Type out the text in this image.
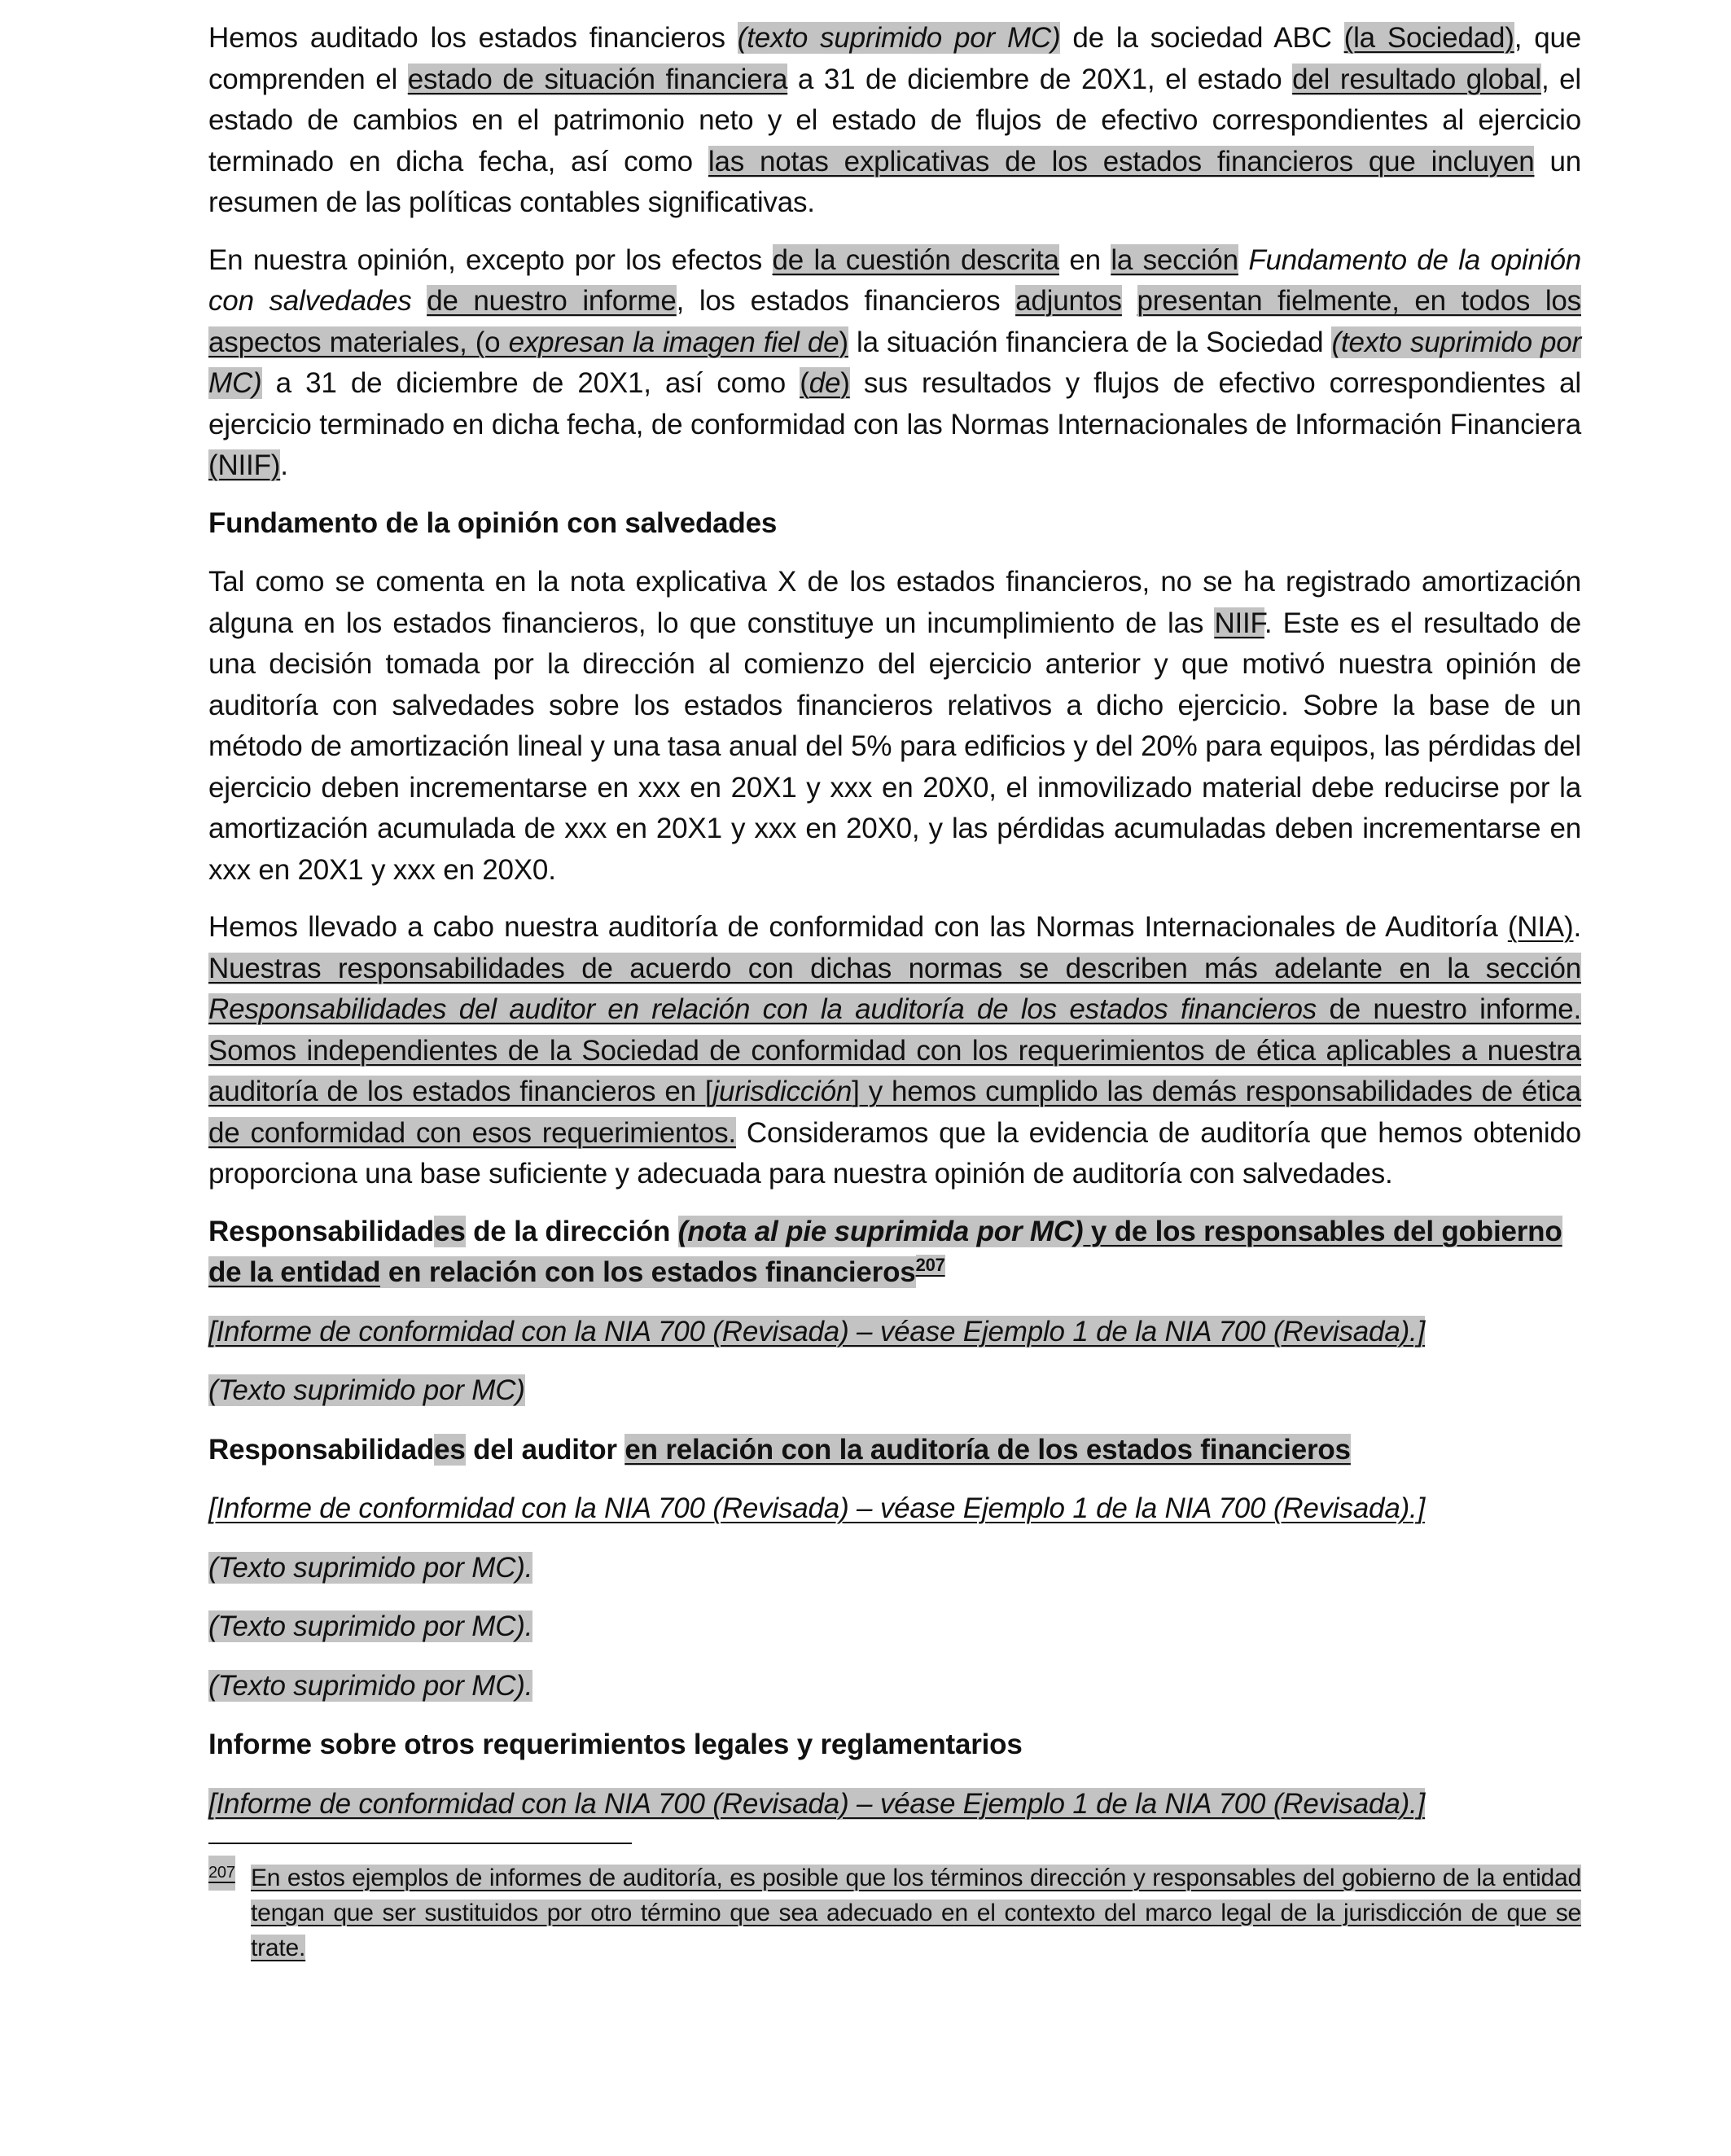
Hemos auditado los estados financieros (texto suprimido por MC) de la sociedad ABC (la Sociedad), que comprenden el estado de situación financiera a 31 de diciembre de 20X1, el estado del resultado global, el estado de cambios en el patrimonio neto y el estado de flujos de efectivo correspondientes al ejercicio terminado en dicha fecha, así como las notas explicativas de los estados financieros que incluyen un resumen de las políticas contables significativas.

En nuestra opinión, excepto por los efectos de la cuestión descrita en la sección Fundamento de la opinión con salvedades de nuestro informe, los estados financieros adjuntos presentan fielmente, en todos los aspectos materiales, (o expresan la imagen fiel de) la situación financiera de la Sociedad (texto suprimido por MC) a 31 de diciembre de 20X1, así como (de) sus resultados y flujos de efectivo correspondientes al ejercicio terminado en dicha fecha, de conformidad con las Normas Internacionales de Información Financiera (NIIF).

Fundamento de la opinión con salvedades

Tal como se comenta en la nota explicativa X de los estados financieros, no se ha registrado amortización alguna en los estados financieros, lo que constituye un incumplimiento de las NIIF. Este es el resultado de una decisión tomada por la dirección al comienzo del ejercicio anterior y que motivó nuestra opinión de auditoría con salvedades sobre los estados financieros relativos a dicho ejercicio. Sobre la base de un método de amortización lineal y una tasa anual del 5% para edificios y del 20% para equipos, las pérdidas del ejercicio deben incrementarse en xxx en 20X1 y xxx en 20X0, el inmovilizado material debe reducirse por la amortización acumulada de xxx en 20X1 y xxx en 20X0, y las pérdidas acumuladas deben incrementarse en xxx en 20X1 y xxx en 20X0.

Hemos llevado a cabo nuestra auditoría de conformidad con las Normas Internacionales de Auditoría (NIA). Nuestras responsabilidades de acuerdo con dichas normas se describen más adelante en la sección Responsabilidades del auditor en relación con la auditoría de los estados financieros de nuestro informe. Somos independientes de la Sociedad de conformidad con los requerimientos de ética aplicables a nuestra auditoría de los estados financieros en [jurisdicción] y hemos cumplido las demás responsabilidades de ética de conformidad con esos requerimientos. Consideramos que la evidencia de auditoría que hemos obtenido proporciona una base suficiente y adecuada para nuestra opinión de auditoría con salvedades.

Responsabilidades de la dirección (nota al pie suprimida por MC) y de los responsables del gobierno de la entidad en relación con los estados financieros$^{207}$

[Informe de conformidad con la NIA 700 (Revisada) – véase Ejemplo 1 de la NIA 700 (Revisada).]

(Texto suprimido por MC)

Responsabilidades del auditor en relación con la auditoría de los estados financieros

[Informe de conformidad con la NIA 700 (Revisada) – véase Ejemplo 1 de la NIA 700 (Revisada).]

(Texto suprimido por MC).

(Texto suprimido por MC).

(Texto suprimido por MC).

Informe sobre otros requerimientos legales y reglamentarios

[Informe de conformidad con la NIA 700 (Revisada) – véase Ejemplo 1 de la NIA 700 (Revisada).]

207 En estos ejemplos de informes de auditoría, es posible que los términos dirección y responsables del gobierno de la entidad tengan que ser sustituidos por otro término que sea adecuado en el contexto del marco legal de la jurisdicción de que se trate.
